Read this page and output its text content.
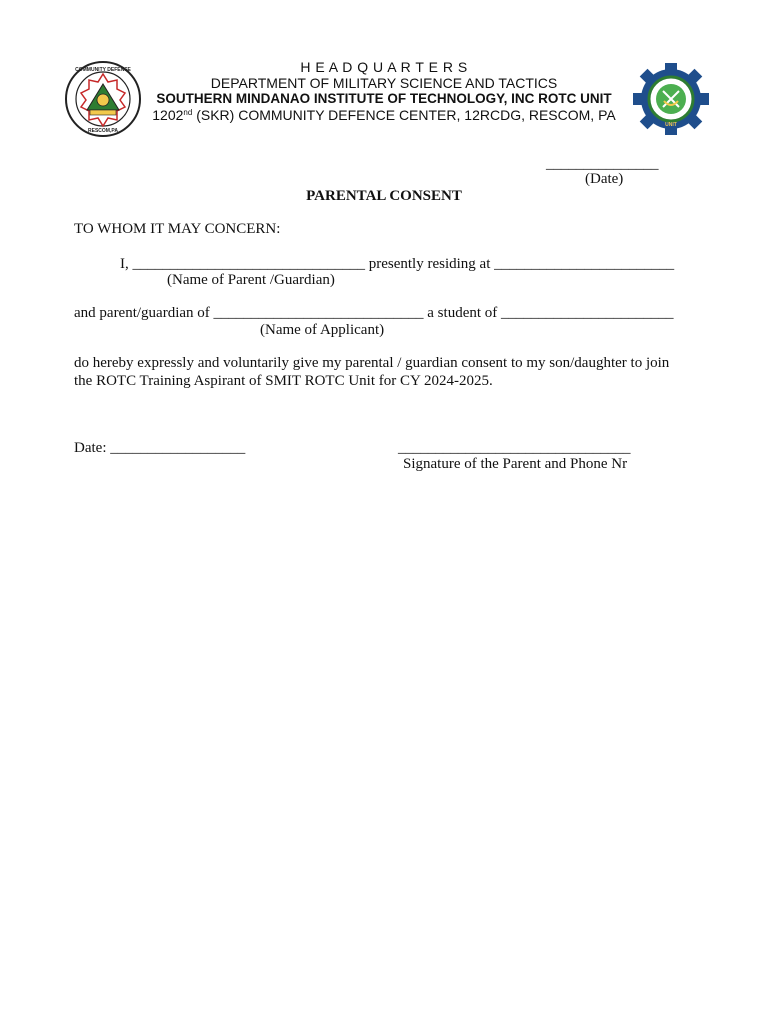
RESCOM,PA
COMMUNITY DEFENSE
UNIT
H E A D Q U A R T E R S
DEPARTMENT OF MILITARY SCIENCE AND TACTICS
SOUTHERN MINDANAO INSTITUTE OF TECHNOLOGY, INC ROTC UNIT
1202nd (SKR) COMMUNITY DEFENCE CENTER, 12RCDG, RESCOM, PA
_______________
(Date)
PARENTAL CONSENT
TO WHOM IT MAY CONCERN:
I, _______________________________ presently residing at ________________________
(Name of Parent /Guardian)
and parent/guardian of ____________________________ a student of _______________________
(Name of Applicant)
do hereby expressly and voluntarily give my parental / guardian consent to my son/daughter to join
the ROTC Training Aspirant of SMIT ROTC Unit for CY 2024-2025.
Date: __________________	_______________________________
Signature of the Parent and Phone Nr
